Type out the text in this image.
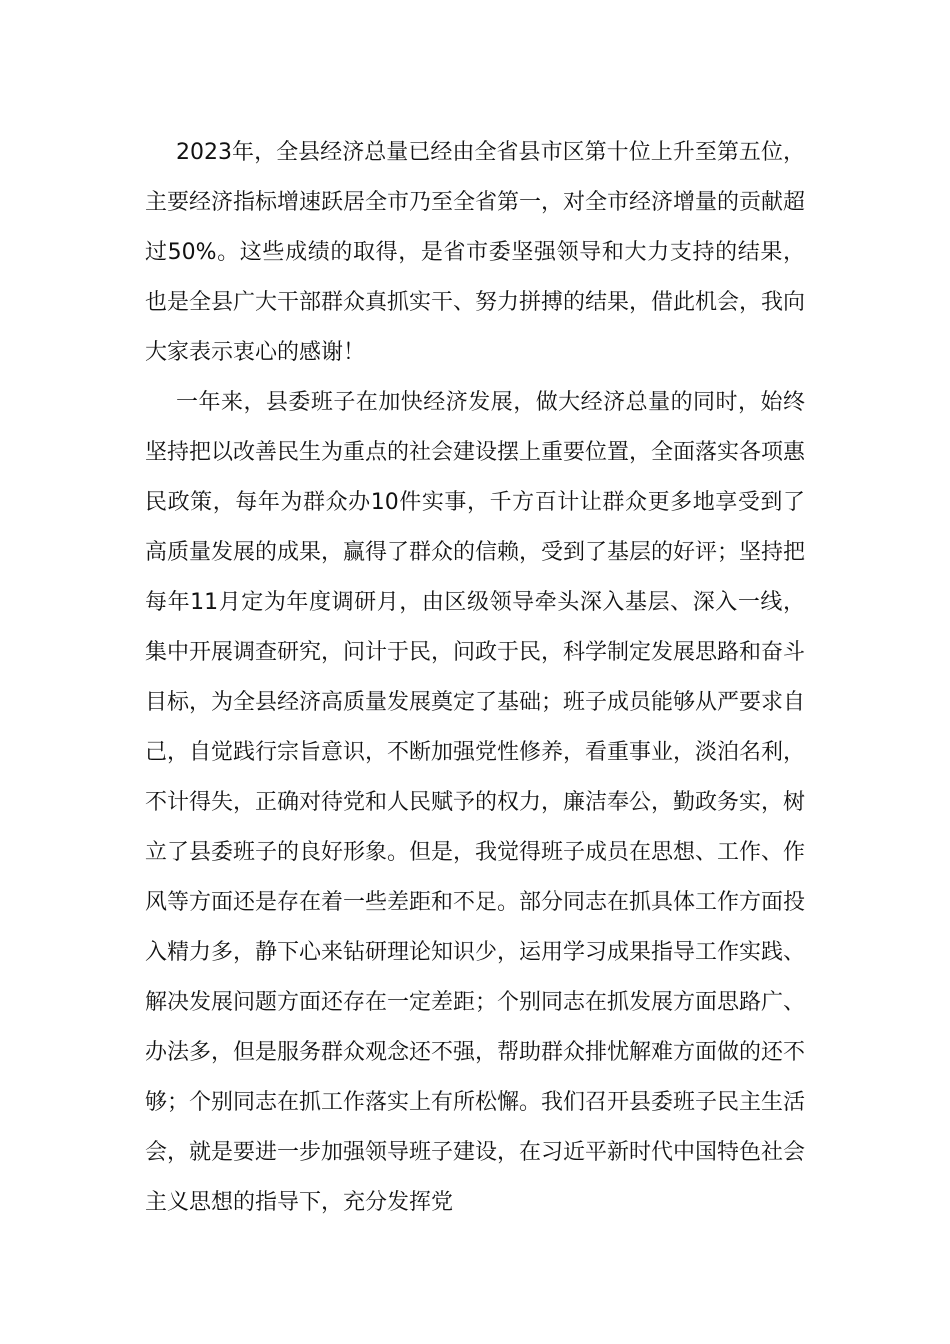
2023年，全县经济总量已经由全省县市区第十位上升至第五位，主要经济指标增速跃居全市乃至全省第一，对全市经济增量的贡献超过50%。这些成绩的取得，是省市委坚强领导和大力支持的结果，也是全县广大干部群众真抓实干、努力拼搏的结果，借此机会，我向大家表示衷心的感谢！

一年来，县委班子在加快经济发展，做大经济总量的同时，始终坚持把以改善民生为重点的社会建设摆上重要位置，全面落实各项惠民政策，每年为群众办10件实事，千方百计让群众更多地享受到了高质量发展的成果，赢得了群众的信赖，受到了基层的好评；坚持把每年11月定为年度调研月，由区级领导牵头深入基层、深入一线，集中开展调查研究，问计于民，问政于民，科学制定发展思路和奋斗目标，为全县经济高质量发展奠定了基础；班子成员能够从严要求自己，自觉践行宗旨意识，不断加强党性修养，看重事业，淡泊名利，不计得失，正确对待党和人民赋予的权力，廉洁奉公，勤政务实，树立了县委班子的良好形象。但是，我觉得班子成员在思想、工作、作风等方面还是存在着一些差距和不足。部分同志在抓具体工作方面投入精力多，静下心来钻研理论知识少，运用学习成果指导工作实践、解决发展问题方面还存在一定差距；个别同志在抓发展方面思路广、办法多，但是服务群众观念还不强，帮助群众排忧解难方面做的还不够；个别同志在抓工作落实上有所松懈。我们召开县委班子民主生活会，就是要进一步加强领导班子建设，在习近平新时代中国特色社会主义思想的指导下，充分发挥党
